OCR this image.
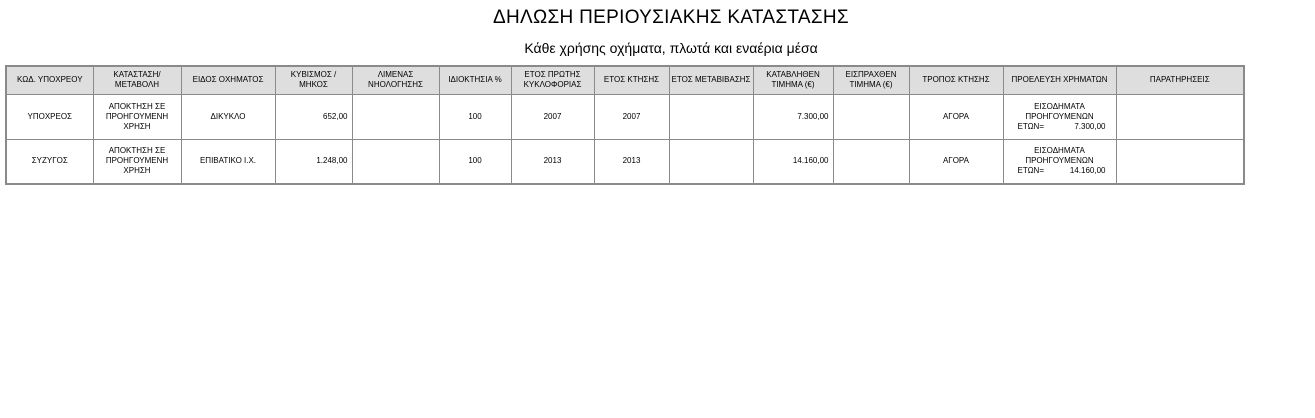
ΔΗΛΩΣΗ ΠΕΡΙΟΥΣΙΑΚΗΣ ΚΑΤΑΣΤΑΣΗΣ
Κάθε χρήσης οχήματα, πλωτά και εναέρια μέσα
ΚΩΔ. ΥΠΟΧΡΕΟΥ	ΚΑΤΑΣΤΑΣΗ/ ΜΕΤΑΒΟΛΗ	ΕΙΔΟΣ ΟΧΗΜΑΤΟΣ	ΚΥΒΙΣΜΟΣ / ΜΗΚΟΣ	ΛΙΜΕΝΑΣ ΝΗΟΛΟΓΗΣΗΣ	ΙΔΙΟΚΤΗΣΙΑ %	ΕΤΟΣ ΠΡΩΤΗΣ ΚΥΚΛΟΦΟΡΙΑΣ	ΕΤΟΣ ΚΤΗΣΗΣ	ΕΤΟΣ ΜΕΤΑΒΙΒΑΣΗΣ	ΚΑΤΑΒΛΗΘΕΝ ΤΙΜΗΜΑ (€)	ΕΙΣΠΡΑΧΘΕΝ ΤΙΜΗΜΑ (€)	ΤΡΟΠΟΣ ΚΤΗΣΗΣ	ΠΡΟΕΛΕΥΣΗ ΧΡΗΜΑΤΩΝ	ΠΑΡΑΤΗΡΗΣΕΙΣ
ΥΠΟΧΡΕΟΣ	ΑΠΟΚΤΗΣΗ ΣΕ ΠΡΟΗΓΟΥΜΕΝΗ ΧΡΗΣΗ	ΔΙΚΥΚΛΟ	652,00		100	2007	2007		7.300,00		ΑΓΟΡΑ	ΕΙΣΟΔΗΜΑΤΑ ΠΡΟΗΓΟΥΜΕΝΩΝ
ΕΤΩΝ= 7.300,00	

ΣΥΖΥΓΟΣ	ΑΠΟΚΤΗΣΗ ΣΕ ΠΡΟΗΓΟΥΜΕΝΗ ΧΡΗΣΗ	ΕΠΙΒΑΤΙΚΟ Ι.Χ.	1.248,00		100	2013	2013		14.160,00		ΑΓΟΡΑ	ΕΙΣΟΔΗΜΑΤΑ ΠΡΟΗΓΟΥΜΕΝΩΝ
ΕΤΩΝ= 14.160,00	
